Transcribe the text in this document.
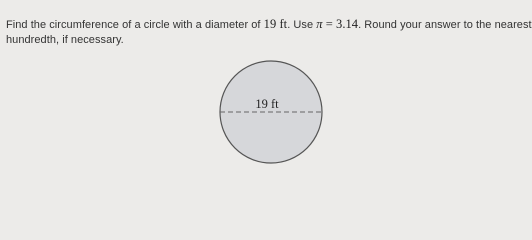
Find the circumference of a circle with a diameter of 19 ft. Use π = 3.14. Round your answer to the nearest
hundredth, if necessary.
19 ft
